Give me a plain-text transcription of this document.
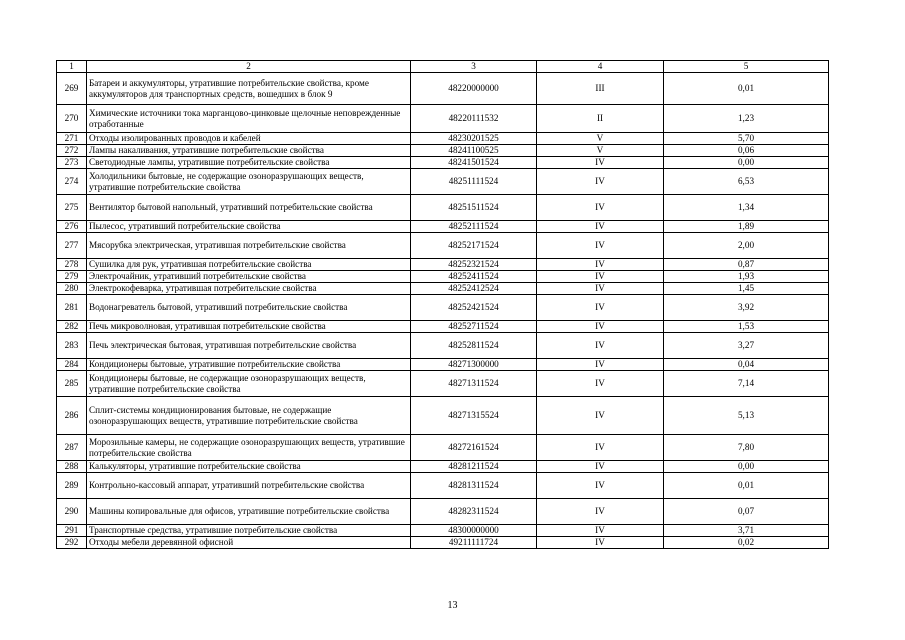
1	2	3	4	5
269	Батареи и аккумуляторы, утратившие потребительские свойства, кроме аккумуляторов для транспортных средств, вошедших в блок 9	48220000000	III	0,01
270	Химические источники тока марганцово-цинковые щелочные неповрежденные отработанные	48220111532	II	1,23
271	Отходы изолированных проводов и кабелей	48230201525	V	5,70
272	Лампы накаливания, утратившие потребительские свойства	48241100525	V	0,06
273	Светодиодные лампы, утратившие потребительские свойства	48241501524	IV	0,00
274	Холодильники бытовые, не содержащие озоноразрушающих веществ, утратившие потребительские свойства	48251111524	IV	6,53
275	Вентилятор бытовой напольный, утративший потребительские свойства	48251511524	IV	1,34
276	Пылесос, утративший потребительские свойства	48252111524	IV	1,89
277	Мясорубка электрическая, утратившая потребительские свойства	48252171524	IV	2,00
278	Сушилка для рук, утратившая потребительские свойства	48252321524	IV	0,87
279	Электрочайник, утративший потребительские свойства	48252411524	IV	1,93
280	Электрокофеварка, утратившая потребительские свойства	48252412524	IV	1,45
281	Водонагреватель бытовой, утративший потребительские свойства	48252421524	IV	3,92
282	Печь микроволновая, утратившая потребительские свойства	48252711524	IV	1,53
283	Печь электрическая бытовая, утратившая потребительские свойства	48252811524	IV	3,27
284	Кондиционеры бытовые, утратившие потребительские свойства	48271300000	IV	0,04
285	Кондиционеры бытовые, не содержащие озоноразрушающих веществ, утратившие потребительские свойства	48271311524	IV	7,14
286	Сплит-системы кондиционирования бытовые, не содержащие озоноразрушающих веществ, утратившие потребительские свойства	48271315524	IV	5,13
287	Морозильные камеры, не содержащие озоноразрушающих веществ, утратившие потребительские свойства	48272161524	IV	7,80
288	Калькуляторы, утратившие потребительские свойства	48281211524	IV	0,00
289	Контрольно-кассовый аппарат, утративший потребительские свойства	48281311524	IV	0,01
290	Машины копировальные для офисов, утратившие потребительские свойства	48282311524	IV	0,07
291	Транспортные средства, утратившие потребительские свойства	48300000000	IV	3,71
292	Отходы мебели деревянной офисной	49211111724	IV	0,02
13
